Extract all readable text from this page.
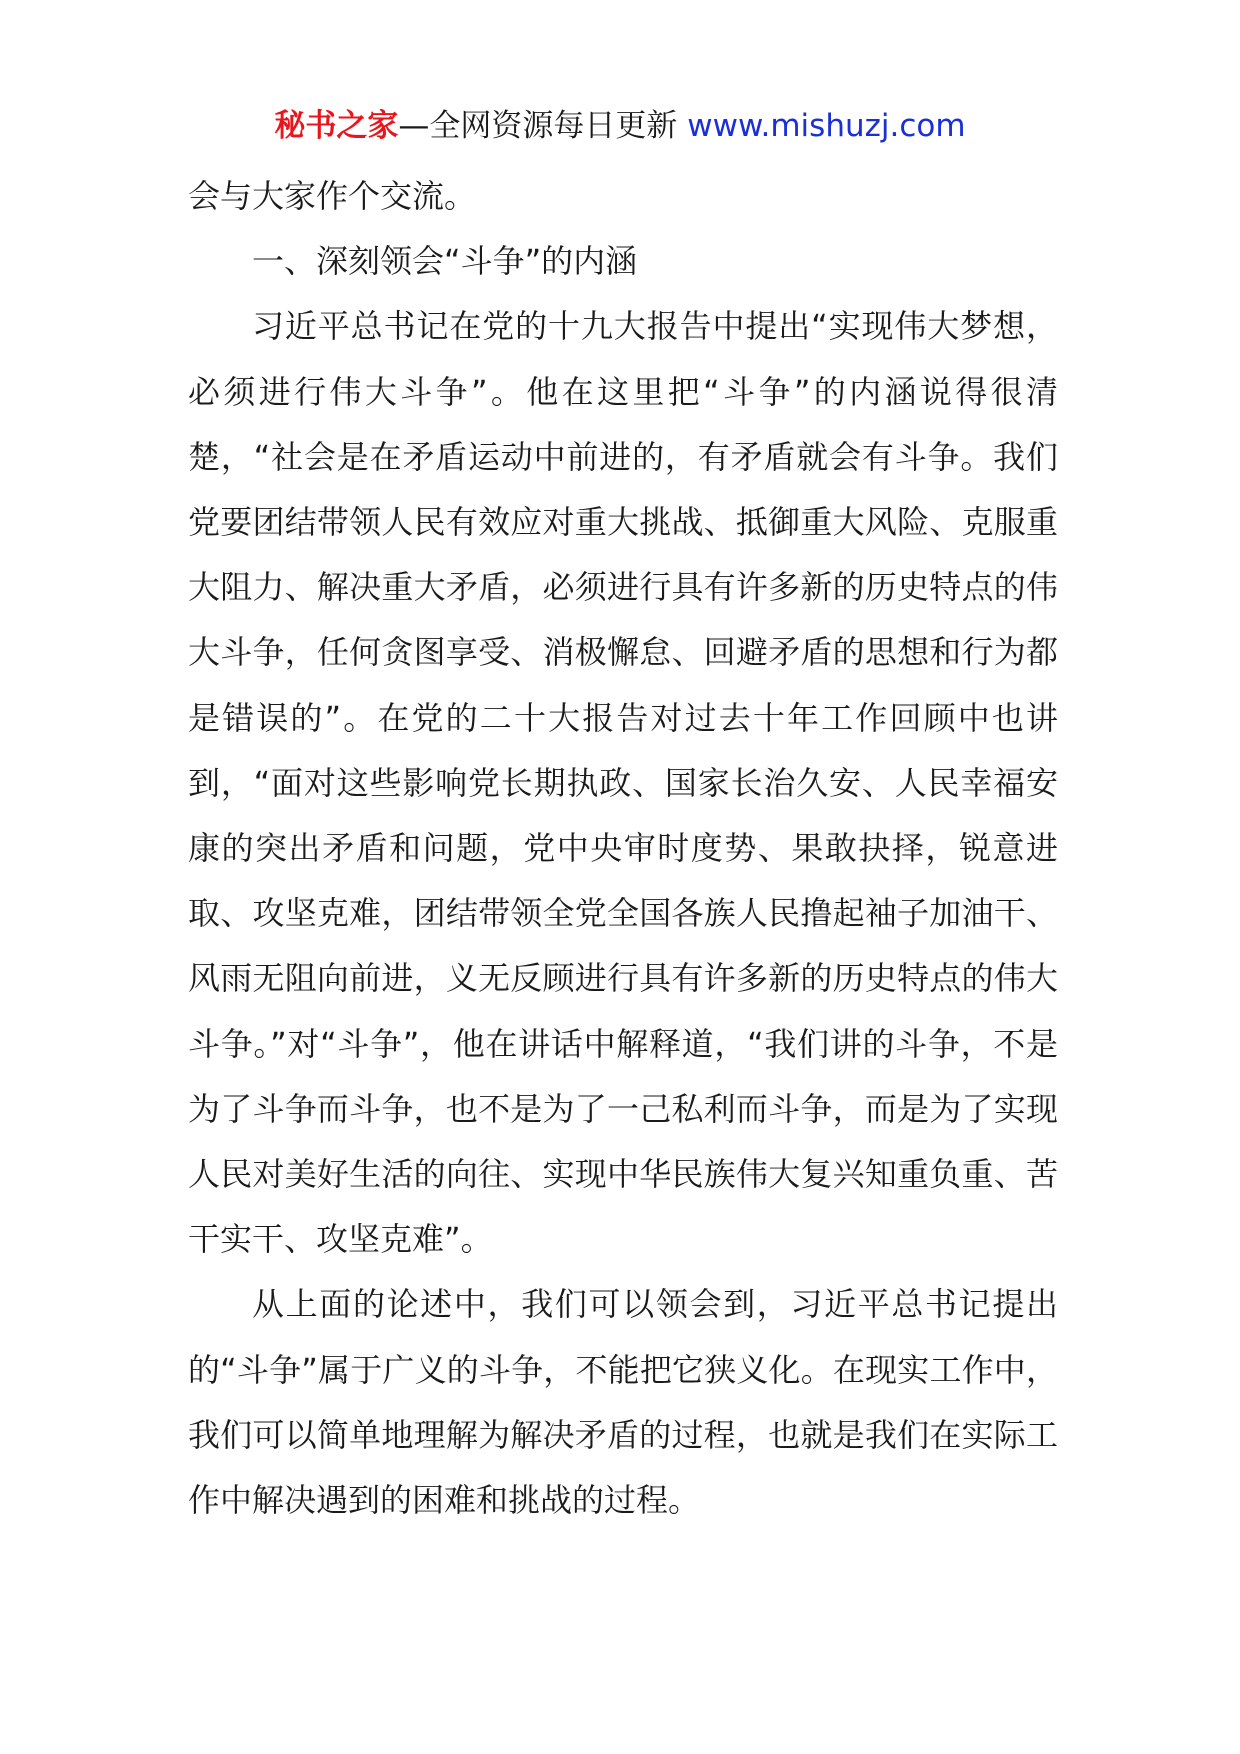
秘书之家—全网资源每日更新 www.mishuzj.com

会与大家作个交流。

一、深刻领会“斗争”的内涵

习近平总书记在党的十九大报告中提出“实现伟大梦想，必须进行伟大斗争”。他在这里把“斗争”的内涵说得很清楚，“社会是在矛盾运动中前进的，有矛盾就会有斗争。我们党要团结带领人民有效应对重大挑战、抵御重大风险、克服重大阻力、解决重大矛盾，必须进行具有许多新的历史特点的伟大斗争，任何贪图享受、消极懈怠、回避矛盾的思想和行为都是错误的”。在党的二十大报告对过去十年工作回顾中也讲到，“面对这些影响党长期执政、国家长治久安、人民幸福安康的突出矛盾和问题，党中央审时度势、果敢抉择，锐意进取、攻坚克难，团结带领全党全国各族人民撸起袖子加油干、风雨无阻向前进，义无反顾进行具有许多新的历史特点的伟大斗争。”对“斗争”，他在讲话中解释道，“我们讲的斗争，不是为了斗争而斗争，也不是为了一己私利而斗争，而是为了实现人民对美好生活的向往、实现中华民族伟大复兴知重负重、苦干实干、攻坚克难”。

从上面的论述中，我们可以领会到，习近平总书记提出的“斗争”属于广义的斗争，不能把它狭义化。在现实工作中，我们可以简单地理解为解决矛盾的过程，也就是我们在实际工作中解决遇到的困难和挑战的过程。
